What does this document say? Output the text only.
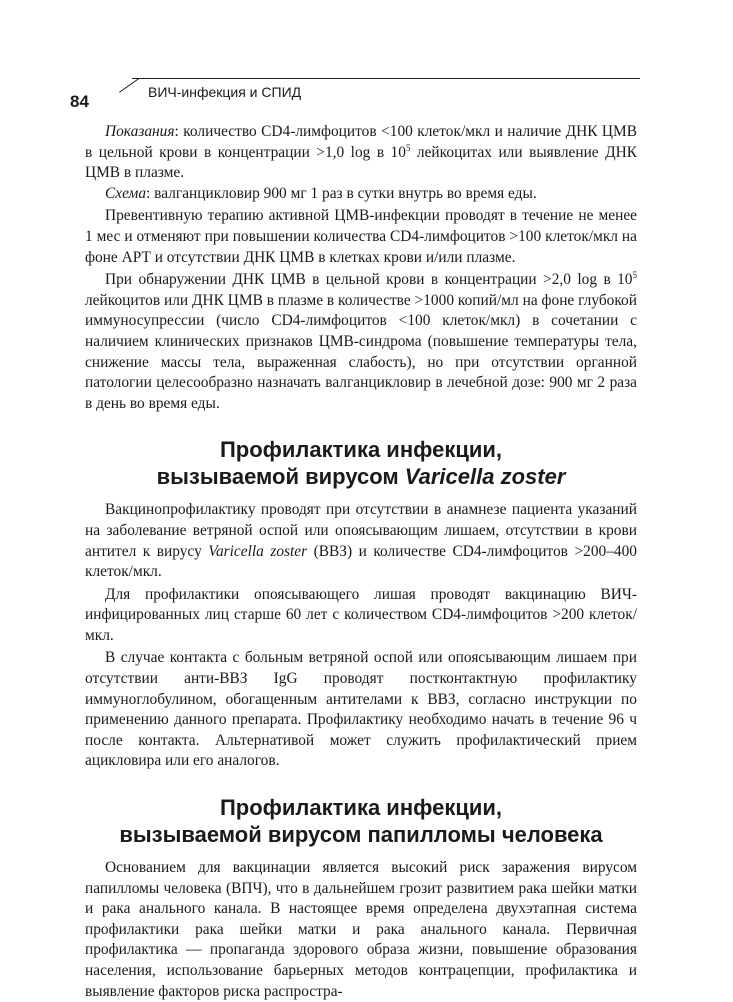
84	ВИЧ-инфекция и СПИД

Показания: количество CD4-лимфоцитов <100 клеток/мкл и наличие ДНК ЦМВ в цельной крови в концентрации >1,0 log в $10^5$ лейкоцитах или выявление ДНК ЦМВ в плазме.

Схема: валганцикловир 900 мг 1 раз в сутки внутрь во время еды.

Превентивную терапию активной ЦМВ-инфекции проводят в течение не менее 1 мес и отменяют при повышении количества CD4-лимфоцитов >100 клеток/мкл на фоне АРТ и отсутствии ДНК ЦМВ в клетках крови и/или плазме.

При обнаружении ДНК ЦМВ в цельной крови в концентрации >2,0 log в $10^5$ лейкоцитов или ДНК ЦМВ в плазме в количестве >1000 копий/мл на фоне глубокой иммуносупрессии (число CD4-лимфоцитов <100 клеток/мкл) в сочетании с наличием клинических признаков ЦМВ-синдрома (повышение температуры тела, снижение массы тела, выраженная слабость), но при отсутствии органной патологии целесообразно назначать валганцикловир в лечебной дозе: 900 мг 2 раза в день во время еды.

Профилактика инфекции,
вызываемой вирусом Varicella zoster

Вакцинопрофилактику проводят при отсутствии в анамнезе пациента указаний на заболевание ветряной оспой или опоясывающим лишаем, отсутствии в крови антител к вирусу Varicella zoster (ВВЗ) и количестве CD4-лимфоцитов >200–400 клеток/мкл.

Для профилактики опоясывающего лишая проводят вакцинацию ВИЧ-инфицированных лиц старше 60 лет с количеством CD4-лимфоцитов >200 клеток/мкл.

В случае контакта с больным ветряной оспой или опоясывающим лишаем при отсутствии анти-ВВЗ IgG проводят постконтактную профилактику иммуноглобулином, обогащенным антителами к ВВЗ, согласно инструкции по применению данного препарата. Профилактику необходимо начать в течение 96 ч после контакта. Альтернативой может служить профилактический прием ацикловира или его аналогов.

Профилактика инфекции,
вызываемой вирусом папилломы человека

Основанием для вакцинации является высокий риск заражения вирусом папилломы человека (ВПЧ), что в дальнейшем грозит развитием рака шейки матки и рака анального канала. В настоящее время определена двухэтапная система профилактики рака шейки матки и рака анального канала. Первичная профилактика — пропаганда здорового образа жизни, повышение образования населения, использование барьерных методов контрацепции, профилактика и выявление факторов риска распростра-
